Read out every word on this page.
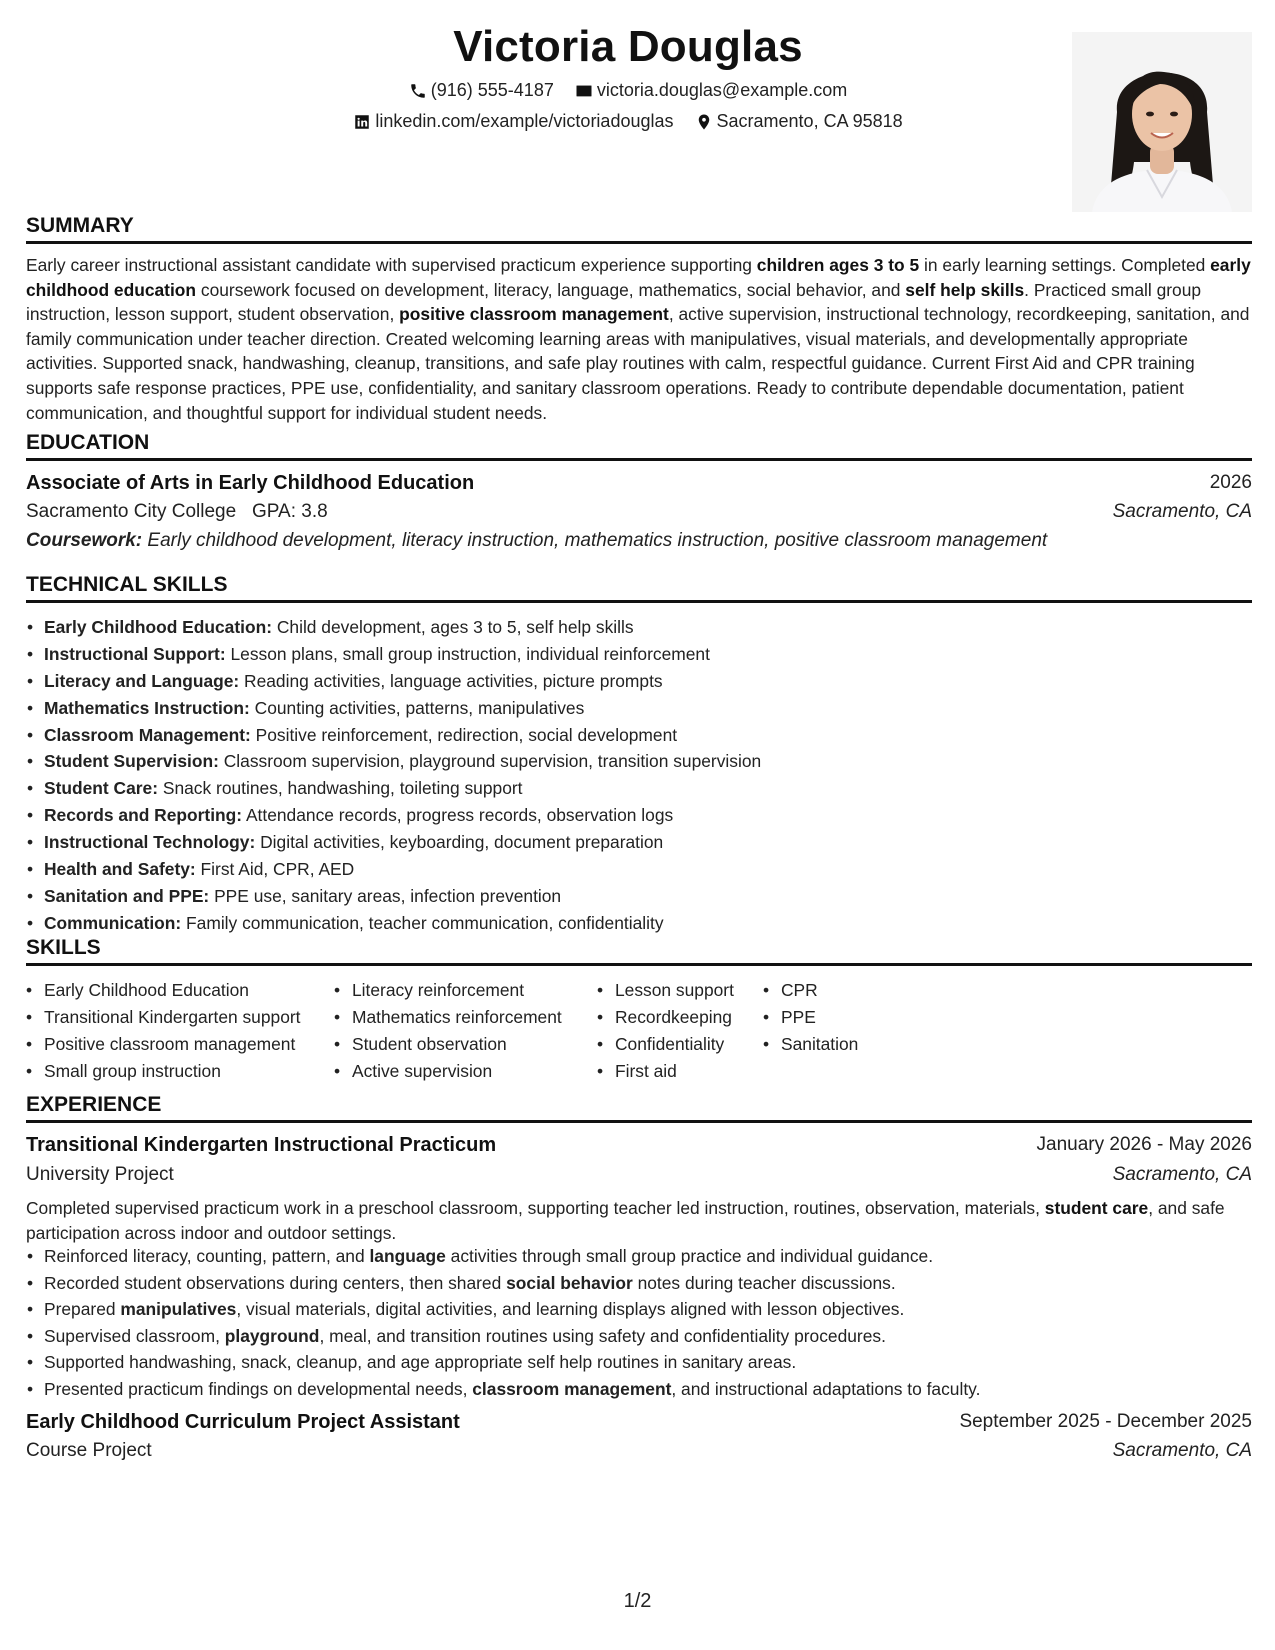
Victoria Douglas
(916) 555-4187
victoria.douglas@example.com
linkedin.com/example/victoriadouglas
Sacramento, CA 95818
SUMMARY
Early career instructional assistant candidate with supervised practicum experience supporting children ages 3 to 5 in early learning settings. Completed early childhood education coursework focused on development, literacy, language, mathematics, social behavior, and self help skills. Practiced small group instruction, lesson support, student observation, positive classroom management, active supervision, instructional technology, recordkeeping, sanitation, and family communication under teacher direction. Created welcoming learning areas with manipulatives, visual materials, and developmentally appropriate activities. Supported snack, handwashing, cleanup, transitions, and safe play routines with calm, respectful guidance. Current First Aid and CPR training supports safe response practices, PPE use, confidentiality, and sanitary classroom operations. Ready to contribute dependable documentation, patient communication, and thoughtful support for individual student needs.
EDUCATION
Associate of Arts in Early Childhood Education	2026
Sacramento City College GPA: 3.8	Sacramento, CA
Coursework: Early childhood development, literacy instruction, mathematics instruction, positive classroom management
TECHNICAL SKILLS
• Early Childhood Education: Child development, ages 3 to 5, self help skills
• Instructional Support: Lesson plans, small group instruction, individual reinforcement
• Literacy and Language: Reading activities, language activities, picture prompts
• Mathematics Instruction: Counting activities, patterns, manipulatives
• Classroom Management: Positive reinforcement, redirection, social development
• Student Supervision: Classroom supervision, playground supervision, transition supervision
• Student Care: Snack routines, handwashing, toileting support
• Records and Reporting: Attendance records, progress records, observation logs
• Instructional Technology: Digital activities, keyboarding, document preparation
• Health and Safety: First Aid, CPR, AED
• Sanitation and PPE: PPE use, sanitary areas, infection prevention
• Communication: Family communication, teacher communication, confidentiality
SKILLS
• Early Childhood Education
• Transitional Kindergarten support
• Positive classroom management
• Small group instruction
• Literacy reinforcement
• Mathematics reinforcement
• Student observation
• Active supervision
• Lesson support
• Recordkeeping
• Confidentiality
• First aid
• CPR
• PPE
• Sanitation
EXPERIENCE
Transitional Kindergarten Instructional Practicum	January 2026 - May 2026
University Project	Sacramento, CA
Completed supervised practicum work in a preschool classroom, supporting teacher led instruction, routines, observation, materials, student care, and safe participation across indoor and outdoor settings.
• Reinforced literacy, counting, pattern, and language activities through small group practice and individual guidance.
• Recorded student observations during centers, then shared social behavior notes during teacher discussions.
• Prepared manipulatives, visual materials, digital activities, and learning displays aligned with lesson objectives.
• Supervised classroom, playground, meal, and transition routines using safety and confidentiality procedures.
• Supported handwashing, snack, cleanup, and age appropriate self help routines in sanitary areas.
• Presented practicum findings on developmental needs, classroom management, and instructional adaptations to faculty.
Early Childhood Curriculum Project Assistant	September 2025 - December 2025
Course Project	Sacramento, CA
1/2
